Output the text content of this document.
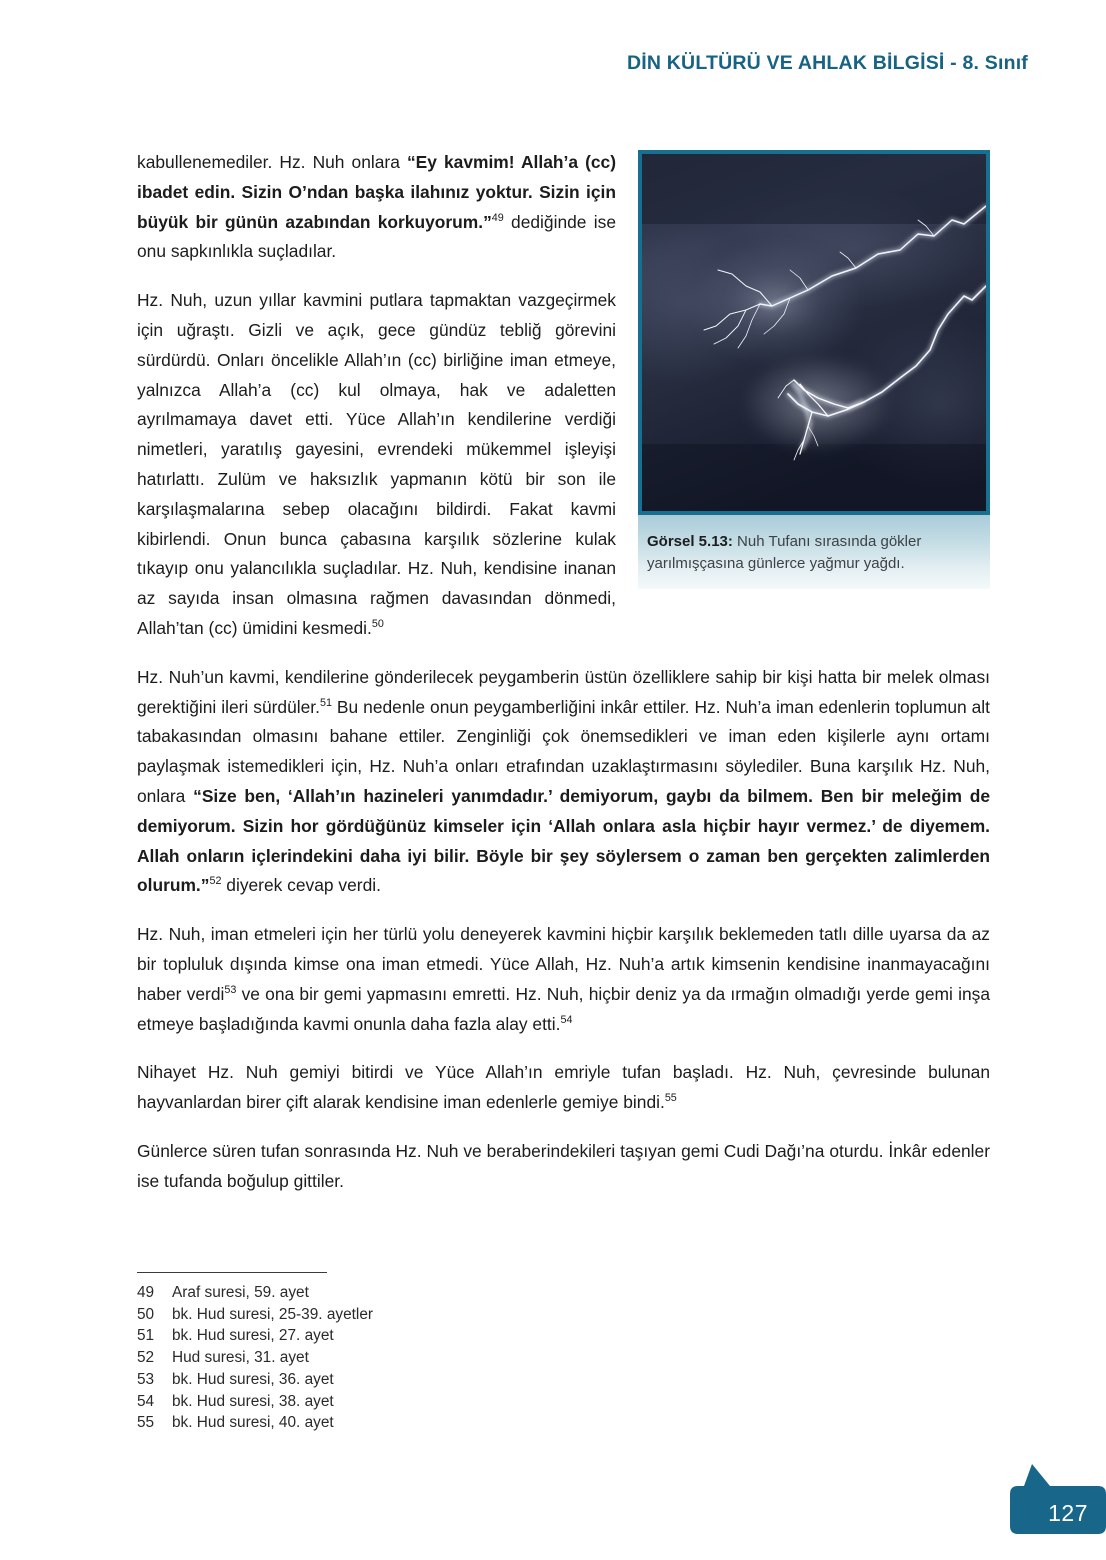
DİN KÜLTÜRÜ VE AHLAK BİLGİSİ - 8. Sınıf
Görsel 5.13: Nuh Tufanı sırasında gökler yarılmışçasına günlerce yağmur yağdı.

kabullenemediler. Hz. Nuh onlara “Ey kavmim! Allah’a (cc) ibadet edin. Sizin O’ndan başka ilahınız yoktur. Sizin için büyük bir günün azabından korkuyorum.”$^{49}$ dediğinde ise onu sapkınlıkla suçladılar.

Hz. Nuh, uzun yıllar kavmini putlara tapmaktan vazgeçirmek için uğraştı. Gizli ve açık, gece gündüz tebliğ görevini sürdürdü. Onları öncelikle Allah’ın (cc) birliğine iman etmeye, yalnızca Allah’a (cc) kul olmaya, hak ve adaletten ayrılmamaya davet etti. Yüce Allah’ın kendilerine verdiği nimetleri, yaratılış gayesini, evrendeki mükemmel işleyişi hatırlattı. Zulüm ve haksızlık yapmanın kötü bir son ile karşılaşmalarına sebep olacağını bildirdi. Fakat kavmi kibirlendi. Onun bunca çabasına karşılık sözlerine kulak tıkayıp onu yalancılıkla suçladılar. Hz. Nuh, kendisine inanan az sayıda insan olmasına rağmen davasından dönmedi, Allah’tan (cc) ümidini kesmedi.$^{50}$

Hz. Nuh’un kavmi, kendilerine gönderilecek peygamberin üstün özelliklere sahip bir kişi hatta bir melek olması gerektiğini ileri sürdüler.$^{51}$ Bu nedenle onun peygamberliğini inkâr ettiler. Hz. Nuh’a iman edenlerin toplumun alt tabakasından olmasını bahane ettiler. Zenginliği çok önemsedikleri ve iman eden kişilerle aynı ortamı paylaşmak istemedikleri için, Hz. Nuh’a onları etrafından uzaklaştırmasını söylediler. Buna karşılık Hz. Nuh, onlara “Size ben, ‘Allah’ın hazineleri yanımdadır.’ demiyorum, gaybı da bilmem. Ben bir meleğim de demiyorum. Sizin hor gördüğünüz kimseler için ‘Allah onlara asla hiçbir hayır vermez.’ de diyemem. Allah onların içlerindekini daha iyi bilir. Böyle bir şey söylersem o zaman ben gerçekten zalimlerden olurum.”$^{52}$ diyerek cevap verdi.

Hz. Nuh, iman etmeleri için her türlü yolu deneyerek kavmini hiçbir karşılık beklemeden tatlı dille uyarsa da az bir topluluk dışında kimse ona iman etmedi. Yüce Allah, Hz. Nuh’a artık kimsenin kendisine inanmayacağını haber verdi$^{53}$ ve ona bir gemi yapmasını emretti. Hz. Nuh, hiçbir deniz ya da ırmağın olmadığı yerde gemi inşa etmeye başladığında kavmi onunla daha fazla alay etti.$^{54}$

Nihayet Hz. Nuh gemiyi bitirdi ve Yüce Allah’ın emriyle tufan başladı. Hz. Nuh, çevresinde bulunan hayvanlardan birer çift alarak kendisine iman edenlerle gemiye bindi.$^{55}$

Günlerce süren tufan sonrasında Hz. Nuh ve beraberindekileri taşıyan gemi Cudi Dağı’na oturdu. İnkâr edenler ise tufanda boğulup gittiler.

49	Araf suresi, 59. ayet
50	bk. Hud suresi, 25-39. ayetler
51	bk. Hud suresi, 27. ayet
52	Hud suresi, 31. ayet
53	bk. Hud suresi, 36. ayet
54	bk. Hud suresi, 38. ayet
55	bk. Hud suresi, 40. ayet
127
